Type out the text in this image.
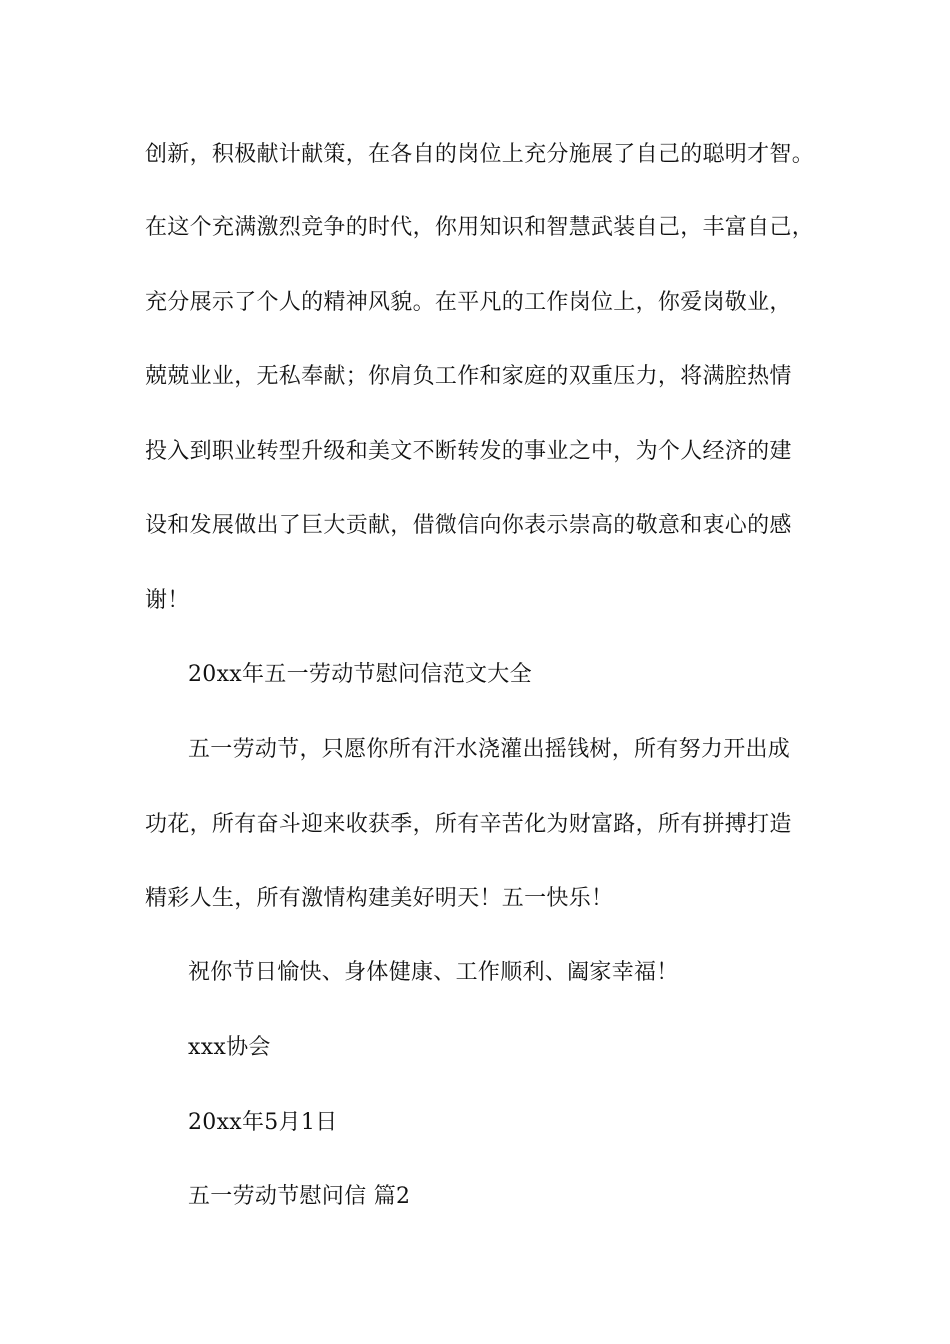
创新，积极献计献策，在各自的岗位上充分施展了自己的聪明才智。
在这个充满激烈竞争的时代，你用知识和智慧武装自己，丰富自己，
充分展示了个人的精神风貌。在平凡的工作岗位上，你爱岗敬业，
兢兢业业，无私奉献；你肩负工作和家庭的双重压力，将满腔热情
投入到职业转型升级和美文不断转发的事业之中，为个人经济的建
设和发展做出了巨大贡献，借微信向你表示崇高的敬意和衷心的感
谢！
20xx年五一劳动节慰问信范文大全
五一劳动节，只愿你所有汗水浇灌出摇钱树，所有努力开出成
功花，所有奋斗迎来收获季，所有辛苦化为财富路，所有拼搏打造
精彩人生，所有激情构建美好明天！五一快乐！
祝你节日愉快、身体健康、工作顺利、阖家幸福！
xxx协会
20xx年5月1日
五一劳动节慰问信 篇2
